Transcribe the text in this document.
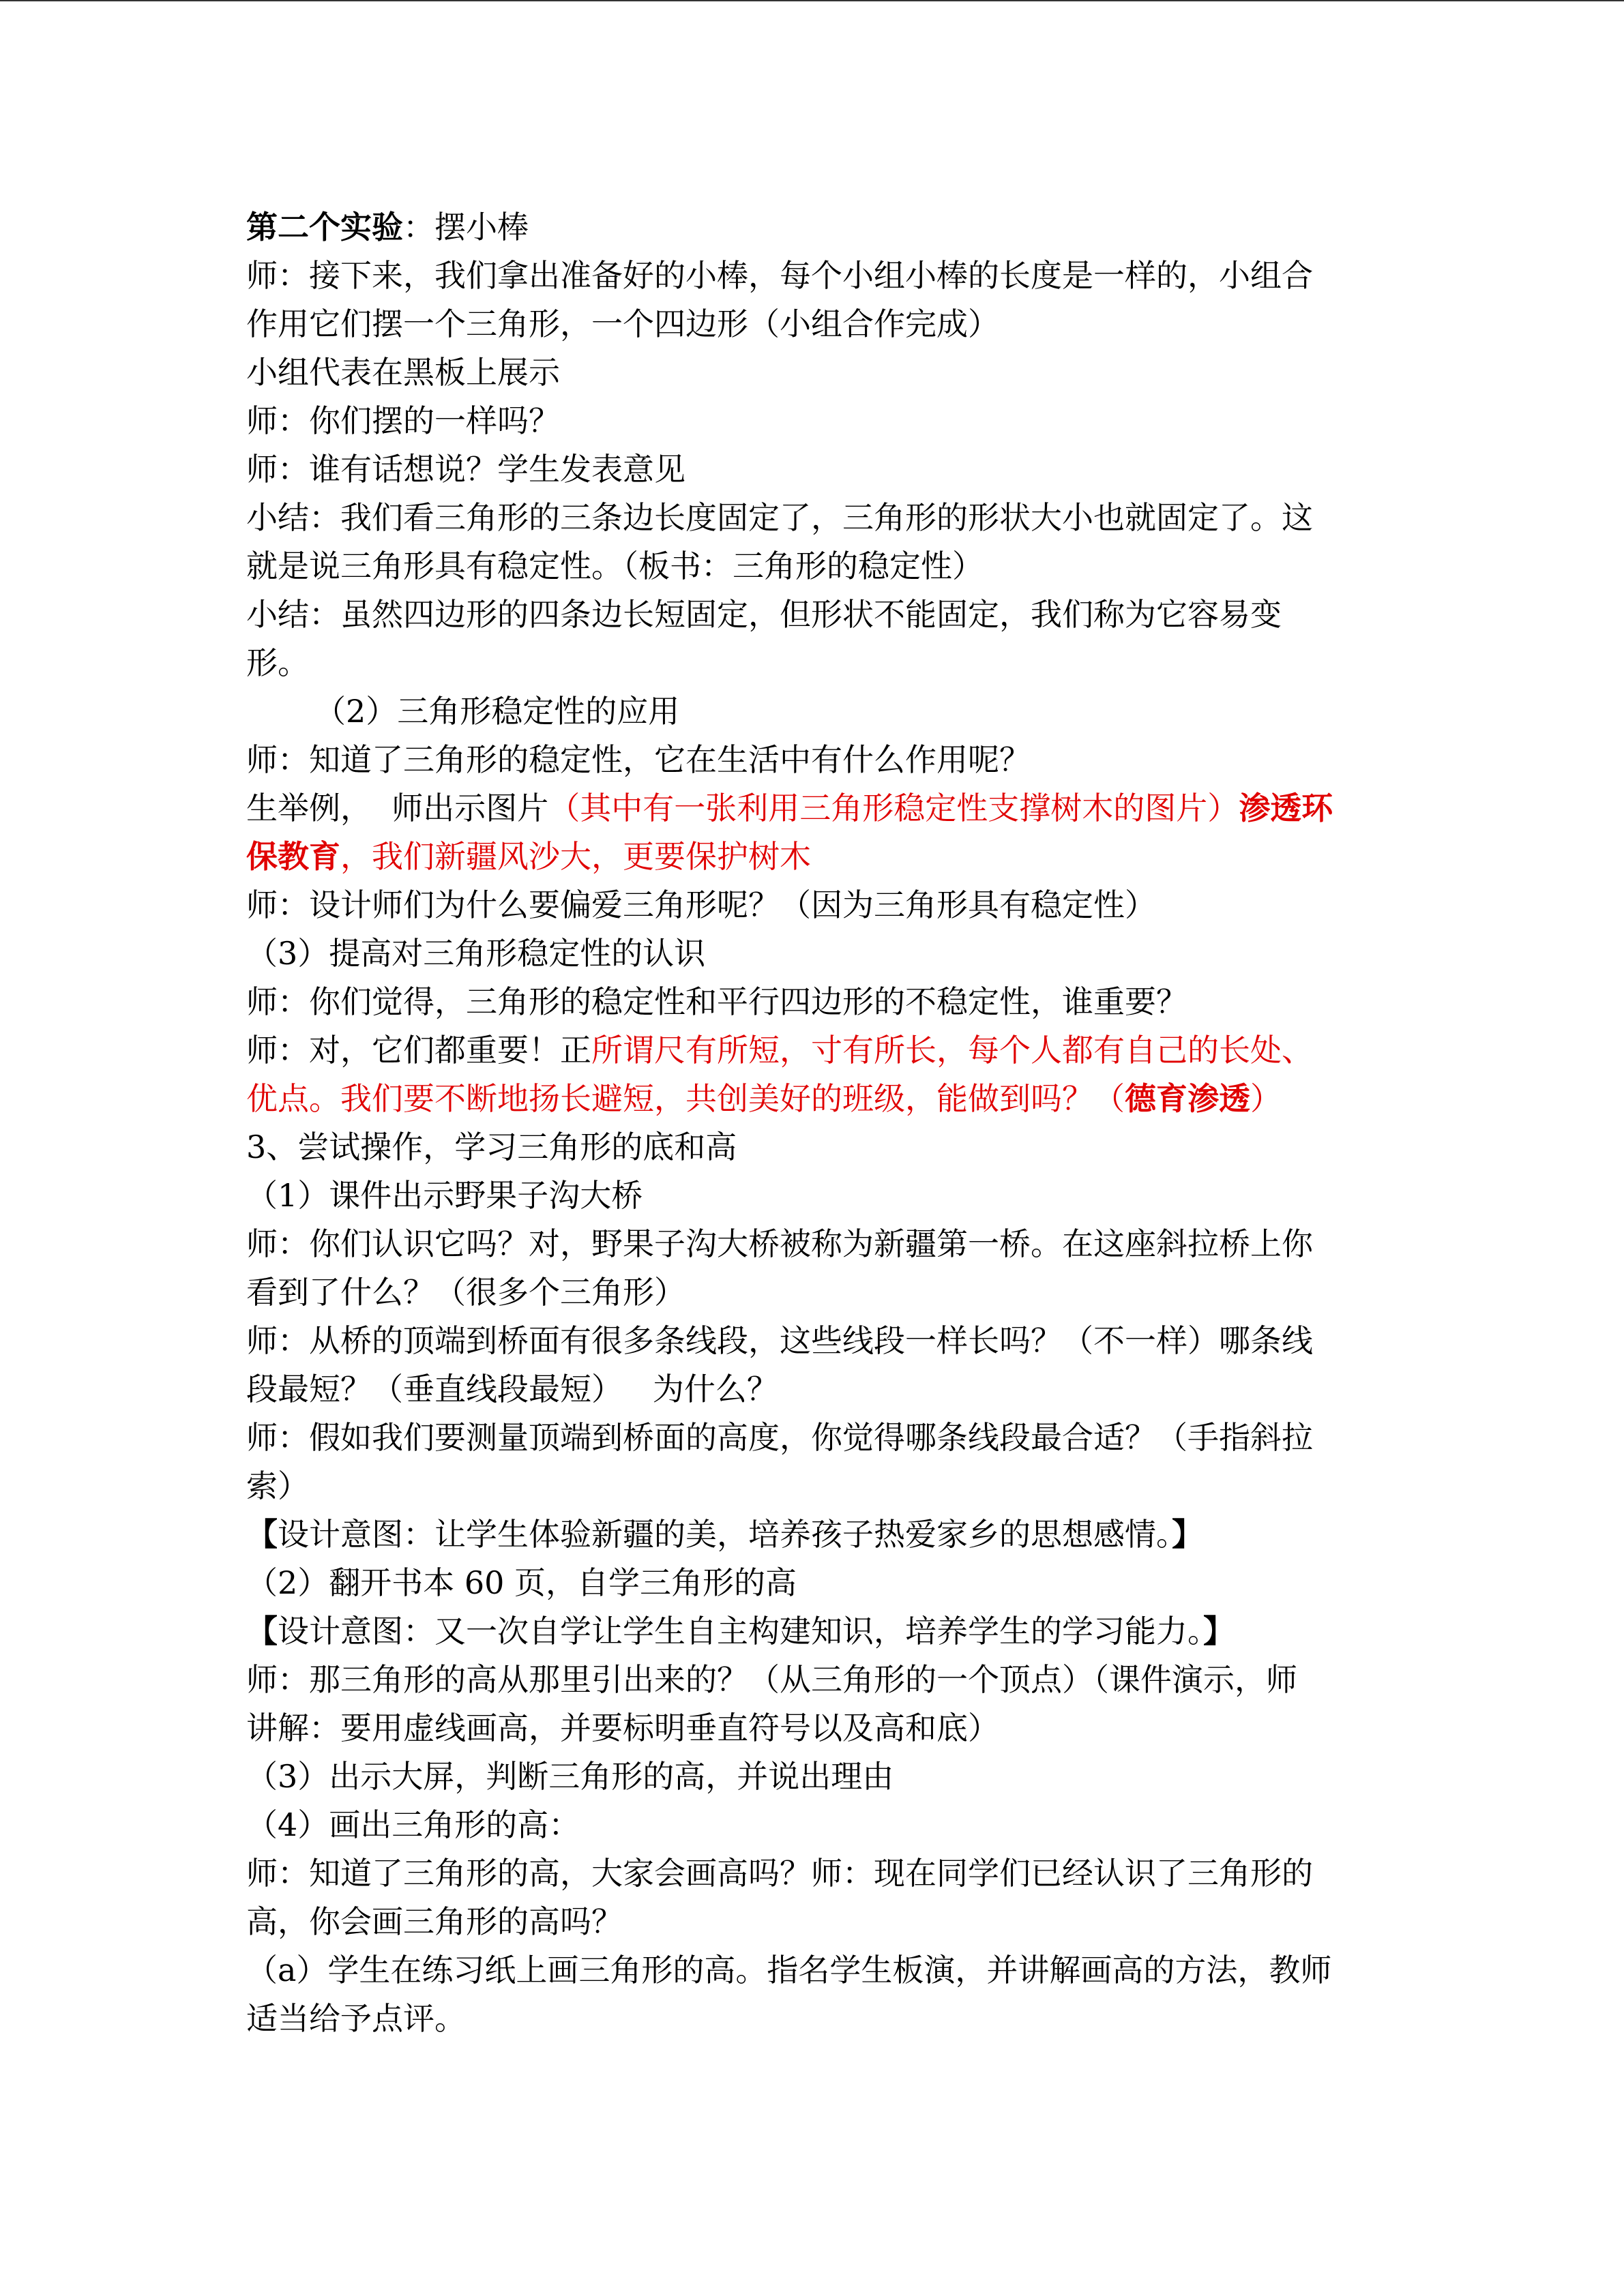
第二个实验：摆小棒

师：接下来，我们拿出准备好的小棒，每个小组小棒的长度是一样的，小组合

作用它们摆一个三角形，一个四边形（小组合作完成）

小组代表在黑板上展示

师：你们摆的一样吗？

师：谁有话想说？学生发表意见

小结：我们看三角形的三条边长度固定了，三角形的形状大小也就固定了。这

就是说三角形具有稳定性。（板书：三角形的稳定性）

小结：虽然四边形的四条边长短固定，但形状不能固定，我们称为它容易变

形。

（2）三角形稳定性的应用

师：知道了三角形的稳定性，它在生活中有什么作用呢？

生举例，  师出示图片（其中有一张利用三角形稳定性支撑树木的图片）渗透环

保教育，我们新疆风沙大，更要保护树木

师：设计师们为什么要偏爱三角形呢？（因为三角形具有稳定性）

（3）提高对三角形稳定性的认识

师：你们觉得，三角形的稳定性和平行四边形的不稳定性，谁重要？

师：对，它们都重要！正所谓尺有所短，寸有所长，每个人都有自己的长处、

优点。我们要不断地扬长避短，共创美好的班级，能做到吗？（德育渗透）

3、尝试操作，学习三角形的底和高

（1）课件出示野果子沟大桥

师：你们认识它吗？对，野果子沟大桥被称为新疆第一桥。在这座斜拉桥上你

看到了什么？（很多个三角形）

师：从桥的顶端到桥面有很多条线段，这些线段一样长吗？（不一样）哪条线

段最短？（垂直线段最短）   为什么？

师：假如我们要测量顶端到桥面的高度，你觉得哪条线段最合适？（手指斜拉

索）

【设计意图：让学生体验新疆的美，培养孩子热爱家乡的思想感情。】

（2）翻开书本 60 页，自学三角形的高

【设计意图：又一次自学让学生自主构建知识，培养学生的学习能力。】

师：那三角形的高从那里引出来的？（从三角形的一个顶点）（课件演示，师

讲解：要用虚线画高，并要标明垂直符号以及高和底）

（3）出示大屏，判断三角形的高，并说出理由

（4）画出三角形的高：

师：知道了三角形的高，大家会画高吗？师：现在同学们已经认识了三角形的

高，你会画三角形的高吗？

（a）学生在练习纸上画三角形的高。指名学生板演，并讲解画高的方法，教师

适当给予点评。
